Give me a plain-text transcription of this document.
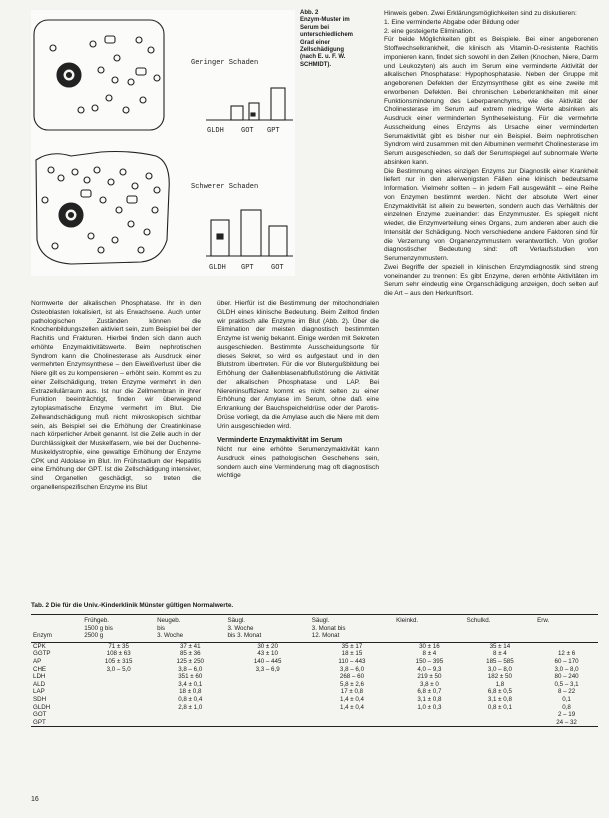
Geringer Schaden
GLDH GOT GPT
Schwerer Schaden
GLDH GPT GOT
Abb. 2
Enzym-Muster im Serum bei unterschiedlichem Grad einer Zellschädigung (nach E. u. F. W. SCHMIDT).

Hinweis geben. Zwei Erklärungsmöglichkeiten sind zu diskutieren:

1. Eine verminderte Abgabe oder Bildung oder

2. eine gesteigerte Elimination.

Für beide Möglichkeiten gibt es Beispiele. Bei einer angeborenen Stoffwechselkrankheit, die klinisch als Vitamin-D-resistente Rachitis imponieren kann, findet sich sowohl in den Zellen (Knochen, Niere, Darm und Leukozyten) als auch im Serum eine verminderte Aktivität der alkalischen Phosphatase: Hypophosphatasie. Neben der Gruppe mit angeborenen Defekten der Enzymsynthese gibt es eine zweite mit erworbenen Defekten. Bei chronischen Leberkrankheiten mit einer Funktionsminderung des Leberparenchyms, wie die Aktivität der Cholinesterase im Serum auf extrem niedrige Werte absinken als Ausdruck einer verminderten Syntheseleistung. Für die vermehrte Ausscheidung eines Enzyms als Ursache einer verminderten Serumaktivität gibt es bisher nur ein Beispiel. Beim nephrotischen Syndrom wird zusammen mit den Albuminen vermehrt Cholinesterase im Serum ausgeschieden, so daß der Serumspiegel auf subnormale Werte absinken kann.

Die Bestimmung eines einzigen Enzyms zur Diagnostik einer Krankheit liefert nur in den allerwenigsten Fällen eine klinisch bedeutsame Information. Vielmehr sollten – in jedem Fall ausgewählt – eine Reihe von Enzymen bestimmt werden. Nicht der absolute Wert einer Enzymaktivität ist allein zu bewerten, sondern auch das Verhältnis der einzelnen Enzyme zueinander: das Enzymmuster. Es spiegelt nicht wieder, die Enzymverteilung eines Organs, zum anderen aber auch die Intensität der Schädigung. Noch verschiedene andere Faktoren sind für die Verzerrung von Organenzymmustern verantwortlich. Von großer diagnostischer Bedeutung sind: oft Verlaufsstudien von Serumenzymmustern.

Zwei Begriffe der speziell in klinischen Enzymdiagnostik sind streng voneinander zu trennen: Es gibt Enzyme, deren erhöhte Aktivitäten im Serum sehr eindeutig eine Organschädigung anzeigen, doch selten auf die Art – aus den Herkunftsort.

Normwerte der alkalischen Phosphatase. Ihr in den Osteoblasten lokalisiert, ist als Erwachsene. Auch unter pathologischen Zuständen können die Knochenbildungszellen aktiviert sein, zum Beispiel bei der Rachitis und Frakturen. Hierbei finden sich dann auch erhöhte Enzymaktivitätswerte. Beim nephrotischen Syndrom kann die Cholinesterase als Ausdruck einer vermehrten Enzymsynthese – den Eiweißverlust über die Niere gilt es zu kompensieren – erhöht sein. Kommt es zu einer Zellschädigung, treten Enzyme vermehrt in den Extrazellulärraum aus. Ist nur die Zellmembran in ihrer Funktion beeinträchtigt, finden wir überwiegend zytoplasmatische Enzyme vermehrt im Blut. Die Zellwandschädigung muß nicht mikroskopisch sichtbar sein, als Beispiel sei die Erhöhung der Creatinkinase nach körperlicher Arbeit genannt. Ist die Zelle auch in der Durchlässigkeit der Muskelfasern, wie bei der Duchenne-Muskeldystrophie, eine gewaltige Erhöhung der Enzyme CPK und Aldolase im Blut. Im Frühstadium der Hepatitis eine Erhöhung der GPT. Ist die Zellschädigung intensiver, sind Organellen geschädigt, so treten die organellenspezifischen Enzyme ins Blut

über. Hierfür ist die Bestimmung der mitochondrialen GLDH eines klinische Bedeutung. Beim Zelltod finden wir praktisch alle Enzyme im Blut (Abb. 2). Über die Elimination der meisten diagnostisch bestimmten Enzyme ist wenig bekannt. Einige werden mit Sekreten ausgeschieden. Bestimmte Ausscheidungsorte für dieses Sekret, so wird es aufgestaut und in den Blutstrom übertreten. Für die vor Blutergußbildung bei Erhöhung der Gallenblasenabflußstörung die Aktivität der alkalischen Phosphatase und LAP. Bei Niereninsuffizienz kommt es nicht selten zu einer Erhöhung der Amylase im Serum, ohne daß eine Erkrankung der Bauchspeicheldrüse oder der Parotis-Drüse vorliegt, da die Amylase auch die Niere mit dem Urin ausgeschieden wird.

Verminderte Enzymaktivität im Serum

Nicht nur eine erhöhte Serumenzymaktivität kann Ausdruck eines pathologischen Geschehens sein, sondern auch eine Verminderung mag oft diagnostisch wichtige

Tab. 2 Die für die Univ.-Kinderklinik Münster gültigen Normalwerte.
Enzym	Frühgeb.
1500 g bis
2500 g	Neugeb.
bis
3. Woche	Säugl.
3. Woche
bis 3. Monat	Säugl.
3. Monat bis
12. Monat	Kleinkd.	Schulkd.	Erw.
CPK	71 ± 35	37 ± 41	30 ± 20	35 ± 17	30 ± 16	35 ± 14	
GGTP	108 ± 63	85 ± 36	43 ± 10	18 ± 15	8 ± 4	8 ± 4	12 ± 6
AP	105 ± 315	125 ± 250	140 – 445	110 – 443	150 – 395	185 – 585	60 – 170
CHE	3,0 – 5,0	3,8 – 6,0	3,3 – 6,9	3,8 – 6,0	4,0 – 9,3	3,0 – 8,0	3,0 – 8,0
LDH		351 ± 60		268 – 60	219 ± 50	182 ± 50	80 – 240
ALD		3,4 ± 0,1		5,8 ± 2,6	3,8 ± 0	1,8	0,5 – 3,1
LAP		18 ± 0,8		17 ± 0,8	6,8 ± 0,7	6,8 ± 0,5	8 – 22
SDH		0,8 ± 0,4		1,4 ± 0,4	3,1 ± 0,8	3,1 ± 0,8	0,1
GLDH		2,8 ± 1,0		1,4 ± 0,4	1,0 ± 0,3	0,8 ± 0,1	0,8
GOT							2 – 19
GPT							24 – 32
16
